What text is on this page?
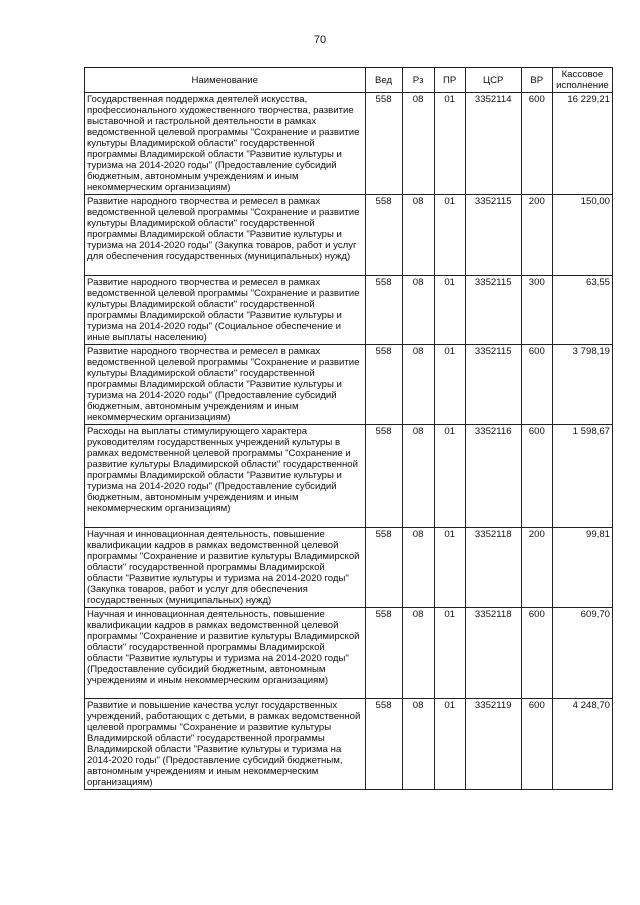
70
Наименование	Вед	Рз	ПР	ЦСР	ВР	Кассовое исполнение
Государственная поддержка деятелей искусства, профессионального художественного творчества, развитие выставочной и гастрольной деятельности в рамках ведомственной целевой программы "Сохранение и развитие культуры Владимирской области" государственной программы Владимирской области "Развитие культуры и туризма на 2014-2020 годы" (Предоставление субсидий бюджетным, автономным учреждениям и иным некоммерческим организациям)	558	08	01	3352114	600	16 229,21
Развитие народного творчества и ремесел в рамках ведомственной целевой программы "Сохранение и развитие культуры Владимирской области" государственной программы Владимирской области "Развитие культуры и туризма на 2014-2020 годы" (Закупка товаров, работ и услуг для обеспечения государственных (муниципальных) нужд)	558	08	01	3352115	200	150,00
Развитие народного творчества и ремесел в рамках ведомственной целевой программы "Сохранение и развитие культуры Владимирской области" государственной программы Владимирской области "Развитие культуры и туризма на 2014-2020 годы" (Социальное обеспечение и иные выплаты населению)	558	08	01	3352115	300	63,55
Развитие народного творчества и ремесел в рамках ведомственной целевой программы "Сохранение и развитие культуры Владимирской области" государственной программы Владимирской области "Развитие культуры и туризма на 2014-2020 годы" (Предоставление субсидий бюджетным, автономным учреждениям и иным некоммерческим организациям)	558	08	01	3352115	600	3 798,19
Расходы на выплаты стимулирующего характера руководителям государственных учреждений культуры в рамках ведомственной целевой программы "Сохранение и развитие культуры Владимирской области" государственной программы Владимирской области "Развитие культуры и туризма на 2014-2020 годы" (Предоставление субсидий бюджетным, автономным учреждениям и иным некоммерческим организациям)	558	08	01	3352116	600	1 598,67
Научная и инновационная деятельность, повышение квалификации кадров в рамках ведомственной целевой программы "Сохранение и развитие культуры Владимирской области" государственной программы Владимирской области "Развитие культуры и туризма на 2014-2020 годы" (Закупка товаров, работ и услуг для обеспечения государственных (муниципальных) нужд)	558	08	01	3352118	200	99,81
Научная и инновационная деятельность, повышение квалификации кадров в рамках ведомственной целевой программы "Сохранение и развитие культуры Владимирской области" государственной программы Владимирской области "Развитие культуры и туризма на 2014-2020 годы" (Предоставление субсидий бюджетным, автономным учреждениям и иным некоммерческим организациям)	558	08	01	3352118	600	609,70
Развитие и повышение качества услуг государственных учреждений, работающих с детьми, в рамках ведомственной целевой программы "Сохранение и развитие культуры Владимирской области" государственной программы Владимирской области "Развитие культуры и туризма на 2014-2020 годы" (Предоставление субсидий бюджетным, автономным учреждениям и иным некоммерческим организациям)	558	08	01	3352119	600	4 248,70
